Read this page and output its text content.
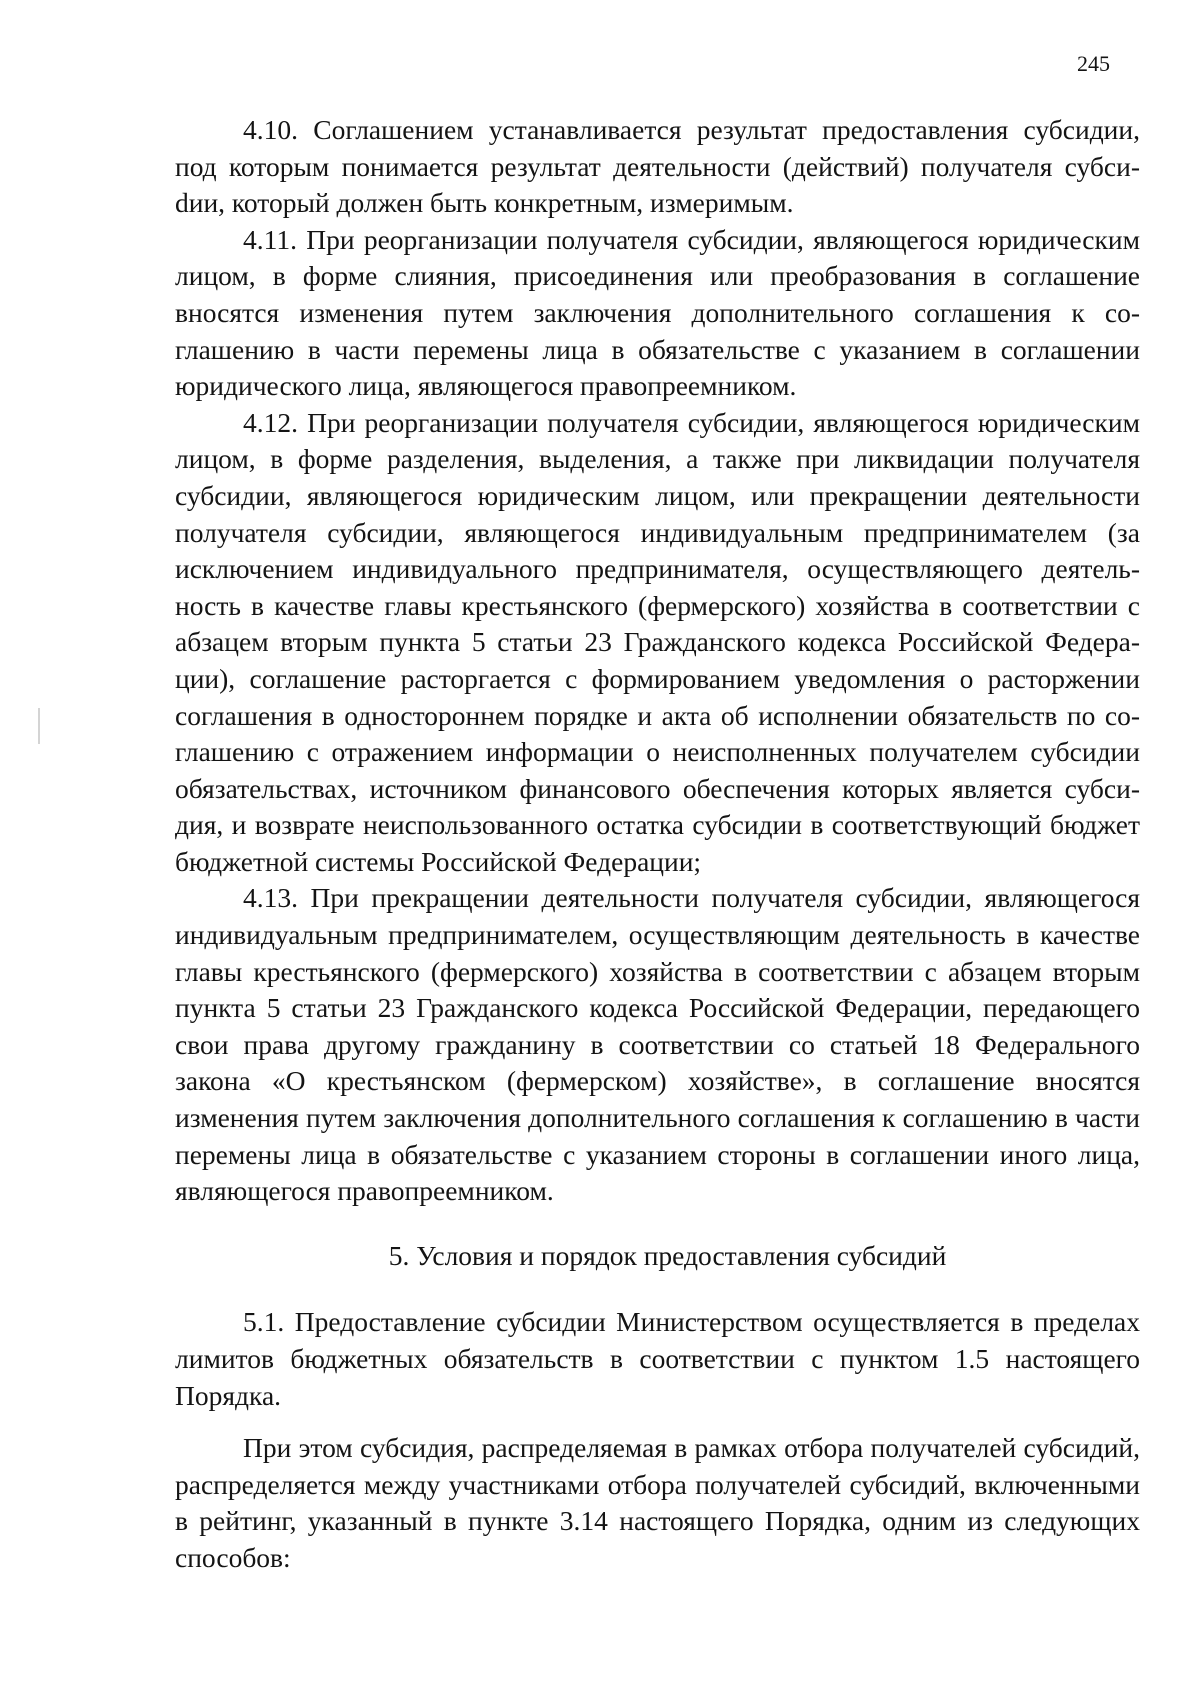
245

4.10. Соглашением устанавливается результат предоставления субсидии, под которым понимается результат деятельности (действий) получателя субсиdии, который должен быть конкретным, измеримым.

4.11. При реорганизации получателя субсидии, являющегося юридическим лицом, в форме слияния, присоединения или преобразования в соглашение вносятся изменения путем заключения дополнительного соглашения к соглашению в части перемены лица в обязательстве с указанием в соглашении юридического лица, являющегося правопреемником.

4.12. При реорганизации получателя субсидии, являющегося юридическим лицом, в форме разделения, выделения, а также при ликвидации получателя субсидии, являющегося юридическим лицом, или прекращении деятельности получателя субсидии, являющегося индивидуальным предпринимателем (за исключением индивидуального предпринимателя, осуществляющего деятельность в качестве главы крестьянского (фермерского) хозяйства в соответствии с абзацем вторым пункта 5 статьи 23 Гражданского кодекса Российской Федерации), соглашение расторгается с формированием уведомления о расторжении соглашения в одностороннем порядке и акта об исполнении обязательств по соглашению с отражением информации о неисполненных получателем субсидии обязательствах, источником финансового обеспечения которых является субсидия, и возврате неиспользованного остатка субсидии в соответствующий бюджет бюджетной системы Российской Федерации;

4.13. При прекращении деятельности получателя субсидии, являющегося индивидуальным предпринимателем, осуществляющим деятельность в качестве главы крестьянского (фермерского) хозяйства в соответствии с абзацем вторым пункта 5 статьи 23 Гражданского кодекса Российской Федерации, передающего свои права другому гражданину в соответствии со статьей 18 Федерального закона «О крестьянском (фермерском) хозяйстве», в соглашение вносятся изменения путем заключения дополнительного соглашения к соглашению в части перемены лица в обязательстве с указанием стороны в соглашении иного лица, являющегося правопреемником.

5. Условия и порядок предоставления субсидий

5.1. Предоставление субсидии Министерством осуществляется в пределах лимитов бюджетных обязательств в соответствии с пунктом 1.5 настоящего Порядка.

При этом субсидия, распределяемая в рамках отбора получателей субсидий, распределяется между участниками отбора получателей субсидий, включенными в рейтинг, указанный в пункте 3.14 настоящего Порядка, одним из следующих способов:
